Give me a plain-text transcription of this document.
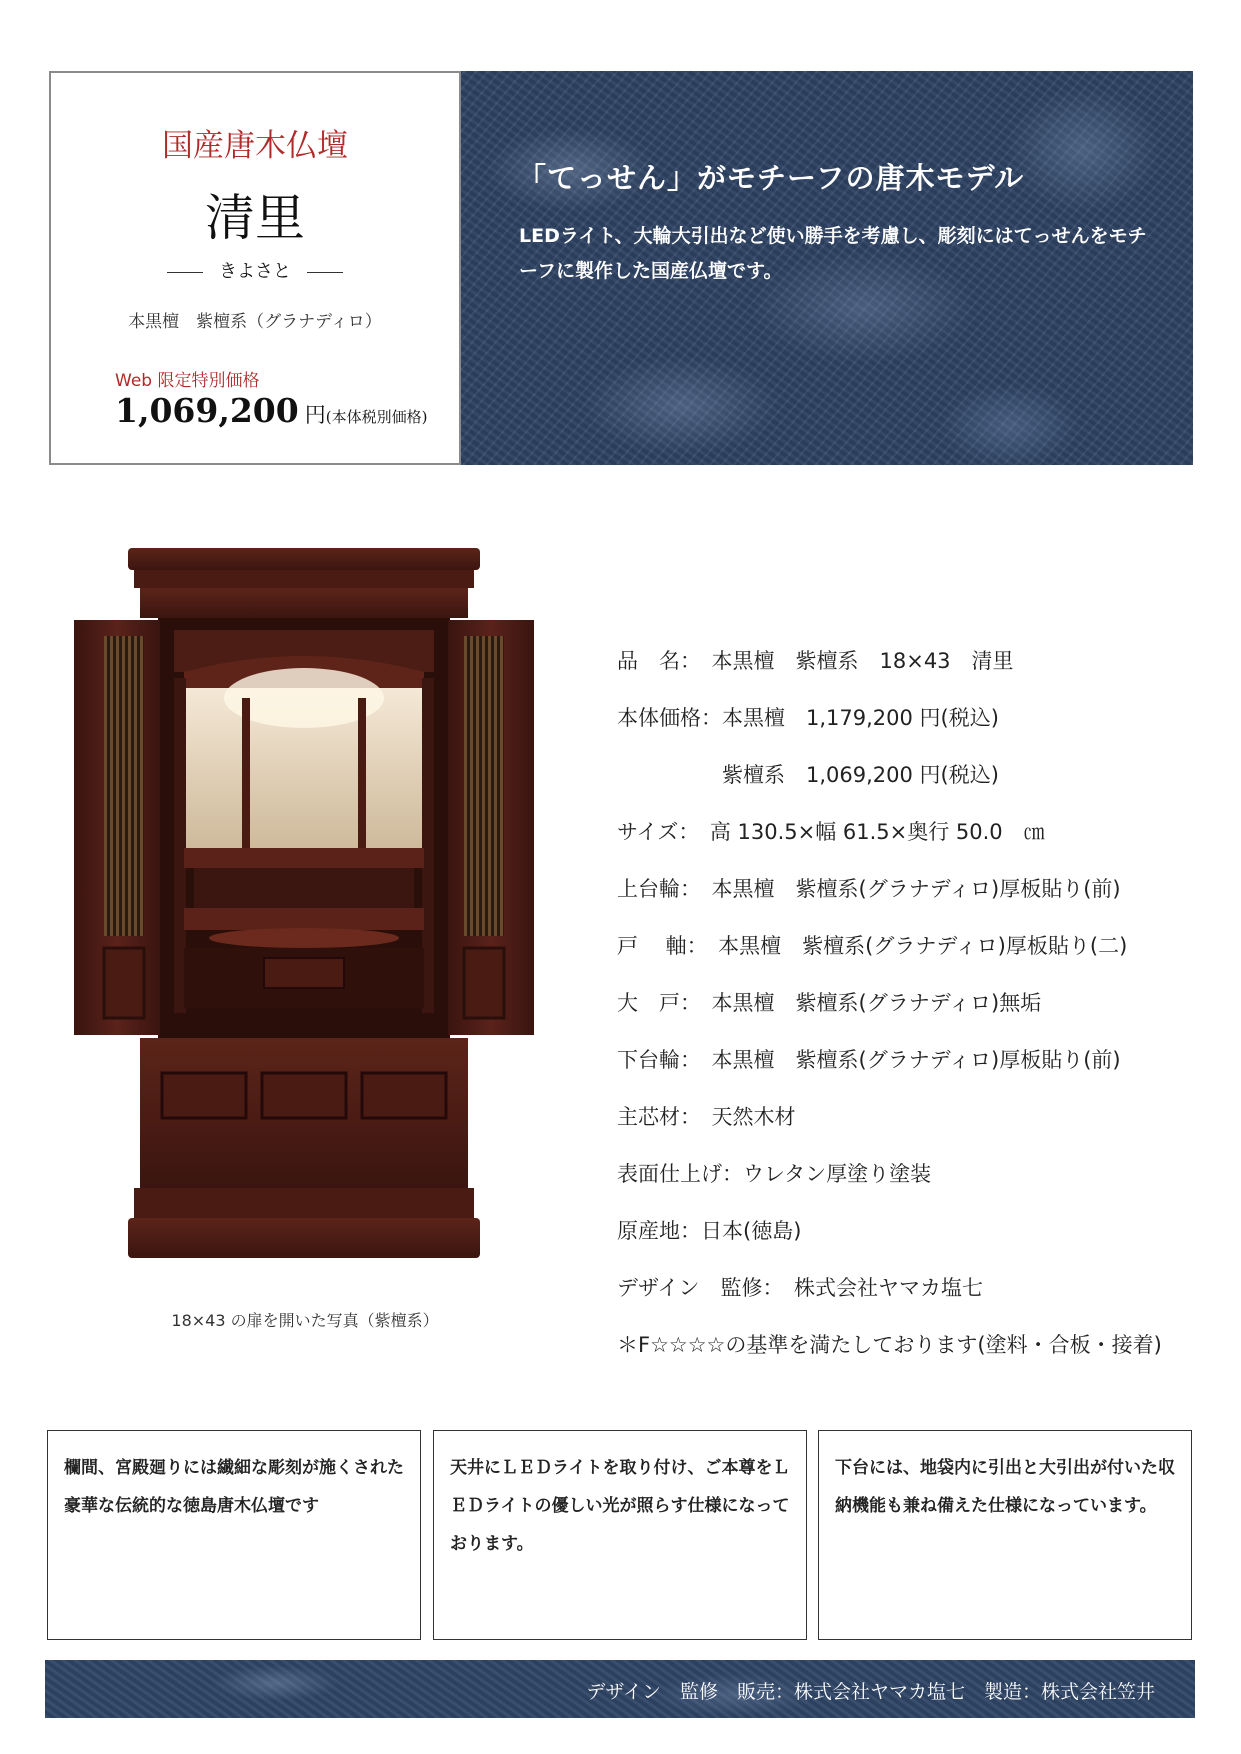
国産唐木仏壇
清里
きよさと
本黒檀　紫檀系（グラナディロ）
Web 限定特別価格
1,069,200 円(本体税別価格)
「てっせん」がモチーフの唐木モデル
LEDライト、大輪大引出など使い勝手を考慮し、彫刻にはてっせんをモチーフに製作した国産仏壇です。
18×43 の扉を開いた写真（紫檀系）
品　名：　本黒檀　紫檀系　18×43　清里
本体価格：本黒檀　1,179,200 円(税込)
　　　　　紫檀系　1,069,200 円(税込)
サイズ：　高 130.5×幅 61.5×奥行 50.0　㎝
上台輪：　本黒檀　紫檀系(グラナディロ)厚板貼り(前)
戸　 軸：　本黒檀　紫檀系(グラナディロ)厚板貼り(二)
大　戸：　本黒檀　紫檀系(グラナディロ)無垢
下台輪：　本黒檀　紫檀系(グラナディロ)厚板貼り(前)
主芯材：　天然木材
表面仕上げ：ウレタン厚塗り塗装
原産地：日本(徳島)
デザイン　監修：　株式会社ヤマカ塩七
＊F☆☆☆☆の基準を満たしております(塗料・合板・接着)
欄間、宮殿廻りには繊細な彫刻が施くされた豪華な伝統的な徳島唐木仏壇です
天井にＬＥＤライトを取り付け、ご本尊をＬＥＤライトの優しい光が照らす仕様になっております。
下台には、地袋内に引出と大引出が付いた収納機能も兼ね備えた仕様になっています。
デザイン　監修　販売：株式会社ヤマカ塩七　製造：株式会社笠井
